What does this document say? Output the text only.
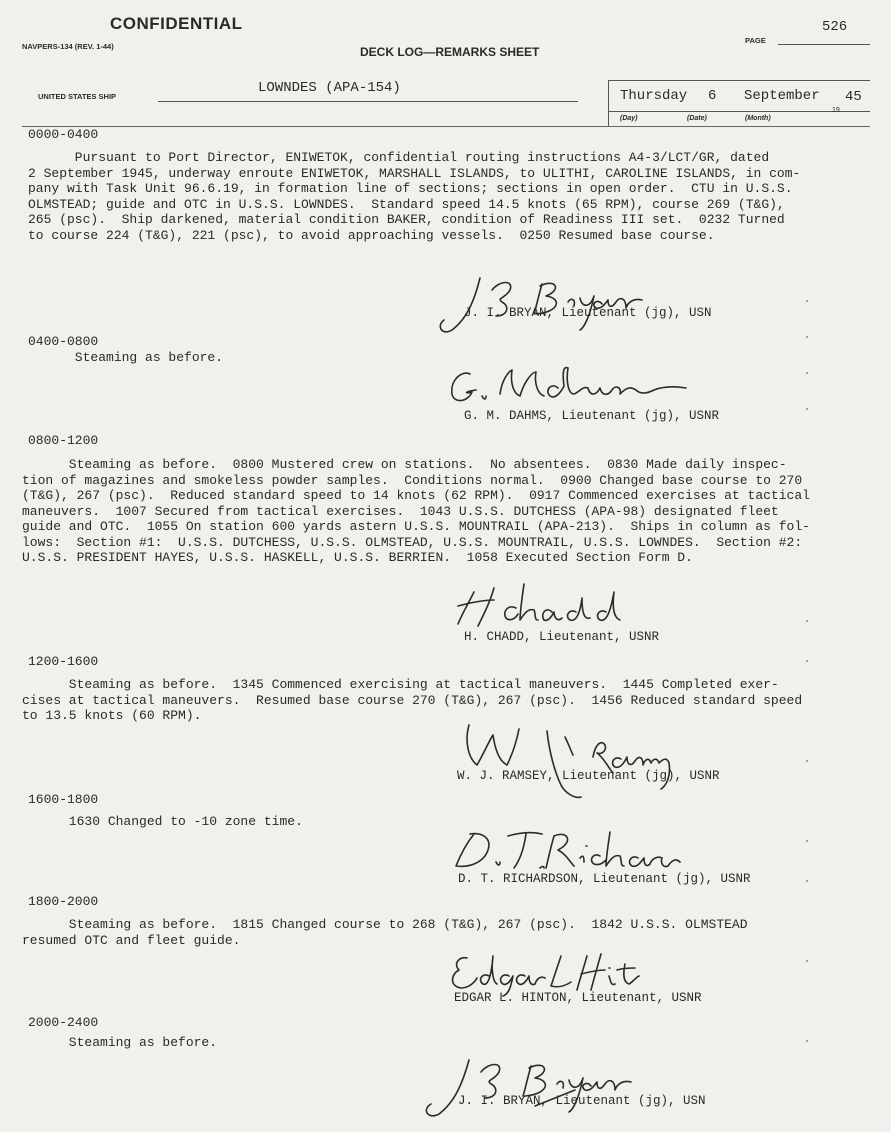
CONFIDENTIAL
NAVPERS-134 (REV. 1-44)	DECK LOG—REMARKS SHEET
PAGE
526
UNITED STATES SHIP
LOWNDES (APA-154)	Thursday 6 September 45
19
(Day)	(Date)	(Month)
0000-0400
Pursuant to Port Director, ENIWETOK, confidential routing instructions A4-3/LCT/GR, dated
2 September 1945, underway enroute ENIWETOK, MARSHALL ISLANDS, to ULITHI, CAROLINE ISLANDS, in com-
pany with Task Unit 96.6.19, in formation line of sections; sections in open order.  CTU in U.S.S.
OLMSTEAD; guide and OTC in U.S.S. LOWNDES.  Standard speed 14.5 knots (65 RPM), course 269 (T&G),
265 (psc).  Ship darkened, material condition BAKER, condition of Readiness III set.  0232 Turned
to course 224 (T&G), 221 (psc), to avoid approaching vessels.  0250 Resumed base course.
J. I. BRYAN, Lieutenant (jg), USN
0400-0800
Steaming as before.
G. M. DAHMS, Lieutenant (jg), USNR
0800-1200
Steaming as before.  0800 Mustered crew on stations.  No absentees.  0830 Made daily inspec-
tion of magazines and smokeless powder samples.  Conditions normal.  0900 Changed base course to 270
(T&G), 267 (psc).  Reduced standard speed to 14 knots (62 RPM).  0917 Commenced exercises at tactical
maneuvers.  1007 Secured from tactical exercises.  1043 U.S.S. DUTCHESS (APA-98) designated fleet
guide and OTC.  1055 On station 600 yards astern U.S.S. MOUNTRAIL (APA-213).  Ships in column as fol-
lows:  Section #1:  U.S.S. DUTCHESS, U.S.S. OLMSTEAD, U.S.S. MOUNTRAIL, U.S.S. LOWNDES.  Section #2:
U.S.S. PRESIDENT HAYES, U.S.S. HASKELL, U.S.S. BERRIEN.  1058 Executed Section Form D.
H. CHADD, Lieutenant, USNR
1200-1600
Steaming as before.  1345 Commenced exercising at tactical maneuvers.  1445 Completed exer-
cises at tactical maneuvers.  Resumed base course 270 (T&G), 267 (psc).  1456 Reduced standard speed
to 13.5 knots (60 RPM).
W. J. RAMSEY, Lieutenant (jg), USNR
1600-1800
1630 Changed to -10 zone time.
D. T. RICHARDSON, Lieutenant (jg), USNR
1800-2000
Steaming as before.  1815 Changed course to 268 (T&G), 267 (psc).  1842 U.S.S. OLMSTEAD
resumed OTC and fleet guide.
EDGAR L. HINTON, Lieutenant, USNR
2000-2400
Steaming as before.
J. I. BRYAN, Lieutenant (jg), USN
